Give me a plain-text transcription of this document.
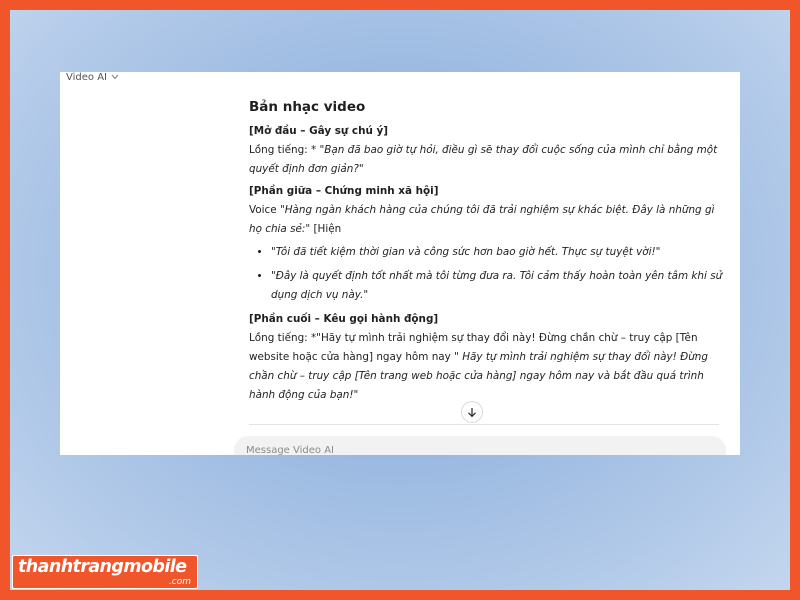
Video AI
Bản nhạc video
[Mở đầu – Gây sự chú ý]

Lồng tiếng: * "Bạn đã bao giờ tự hỏi, điều gì sẽ thay đổi cuộc sống của mình chỉ bằng một quyết định đơn giản?"

[Phần giữa – Chứng minh xã hội]

Voice "Hàng ngàn khách hàng của chúng tôi đã trải nghiệm sự khác biệt. Đây là những gì họ chia sẻ:" [Hiện

• "Tôi đã tiết kiệm thời gian và công sức hơn bao giờ hết. Thực sự tuyệt vời!"
• "Đây là quyết định tốt nhất mà tôi từng đưa ra. Tôi cảm thấy hoàn toàn yên tâm khi sử dụng dịch vụ này."
[Phần cuối – Kêu gọi hành động]

Lồng tiếng: *"Hãy tự mình trải nghiệm sự thay đổi này! Đừng chần chừ – truy cập [Tên website hoặc cửa hàng] ngay hôm nay " Hãy tự mình trải nghiệm sự thay đổi này! Đừng chần chừ – truy cập [Tên trang web hoặc cửa hàng] ngay hôm nay và bắt đầu quá trình hành động của bạn!"

Message Video AI
thanhtrangmobile
.com
